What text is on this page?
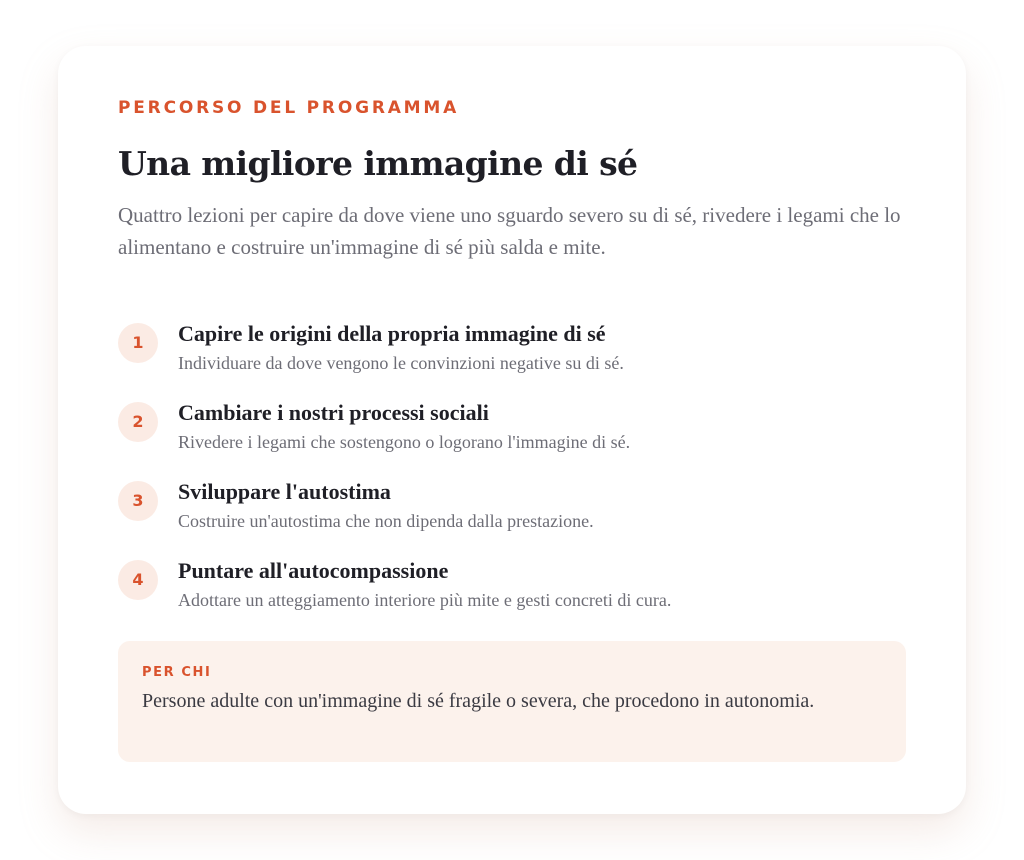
PERCORSO DEL PROGRAMMA

Una migliore immagine di sé

Quattro lezioni per capire da dove viene uno sguardo severo su di sé, rivedere i legami che lo alimentano e costruire un'immagine di sé più salda e mite.

1	Capire le origini della propria immagine di sé
Individuare da dove vengono le convinzioni negative su di sé.
2	Cambiare i nostri processi sociali
Rivedere i legami che sostengono o logorano l'immagine di sé.
3	Sviluppare l'autostima
Costruire un'autostima che non dipenda dalla prestazione.
4	Puntare all'autocompassione
Adottare un atteggiamento interiore più mite e gesti concreti di cura.

PER CHI

Persone adulte con un'immagine di sé fragile o severa, che procedono in autonomia.
